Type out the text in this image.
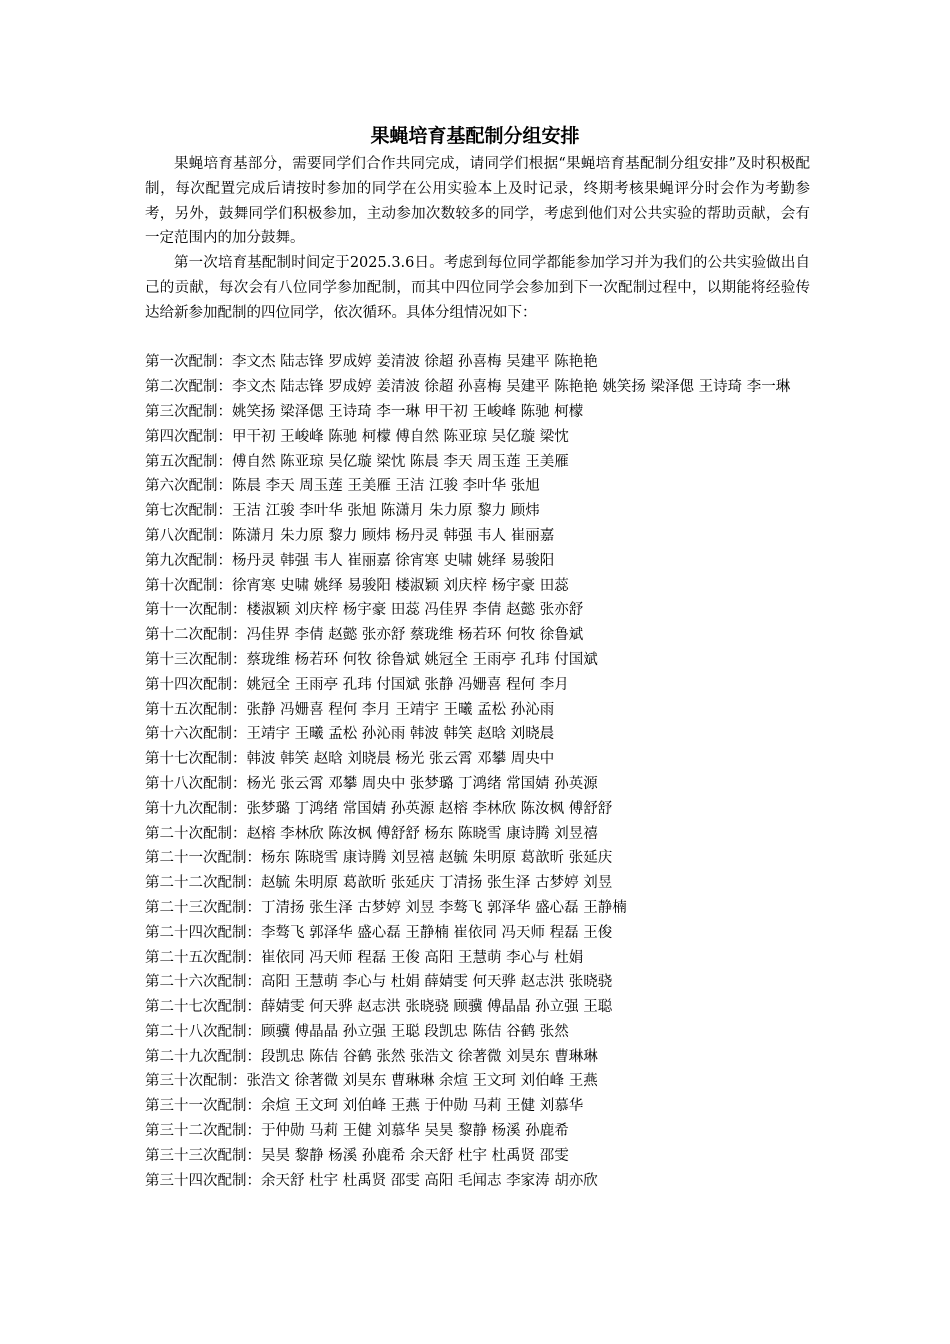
果蝇培育基配制分组安排

果蝇培育基部分，需要同学们合作共同完成，请同学们根据“果蝇培育基配制分组安排”及时积极配制，每次配置完成后请按时参加的同学在公用实验本上及时记录，终期考核果蝇评分时会作为考勤参考，另外，鼓舞同学们积极参加，主动参加次数较多的同学，考虑到他们对公共实验的帮助贡献，会有一定范围内的加分鼓舞。

第一次培育基配制时间定于2025.3.6日。考虑到每位同学都能参加学习并为我们的公共实验做出自己的贡献，每次会有八位同学参加配制，而其中四位同学会参加到下一次配制过程中，以期能将经验传达给新参加配制的四位同学，依次循环。具体分组情况如下：

第一次配制：李文杰 陆志锋 罗成婷 姜清波 徐超 孙喜梅 吴建平 陈艳艳
第二次配制：李文杰 陆志锋 罗成婷 姜清波 徐超 孙喜梅 吴建平 陈艳艳 姚笑扬 梁泽偲 王诗琦 李一琳
第三次配制：姚笑扬 梁泽偲 王诗琦 李一琳 甲干初 王峻峰 陈驰 柯檬
第四次配制：甲干初 王峻峰 陈驰 柯檬 傅自然 陈亚琼 吴亿璇 梁忱
第五次配制：傅自然 陈亚琼 吴亿璇 梁忱 陈晨 李天 周玉莲 王美雁
第六次配制：陈晨 李天 周玉莲 王美雁 王洁 江骏 李叶华 张旭
第七次配制：王洁 江骏 李叶华 张旭 陈潇月 朱力原 黎力 顾炜
第八次配制：陈潇月 朱力原 黎力 顾炜 杨丹灵 韩强 韦人 崔丽嘉
第九次配制：杨丹灵 韩强 韦人 崔丽嘉 徐宵寒 史啸 姚绎 易骏阳
第十次配制：徐宵寒 史啸 姚绎 易骏阳 楼淑颖 刘庆梓 杨宇豪 田蕊
第十一次配制：楼淑颖 刘庆梓 杨宇豪 田蕊 冯佳界 李倩 赵懿 张亦舒
第十二次配制：冯佳界 李倩 赵懿 张亦舒 蔡珑维 杨若环 何牧 徐鲁斌
第十三次配制：蔡珑维 杨若环 何牧 徐鲁斌 姚冠全 王雨亭 孔玮 付国斌
第十四次配制：姚冠全 王雨亭 孔玮 付国斌 张静 冯姗喜 程何 李月
第十五次配制：张静 冯姗喜 程何 李月 王靖宇 王曦 孟松 孙沁雨
第十六次配制：王靖宇 王曦 孟松 孙沁雨 韩波 韩笑 赵晗 刘晓晨
第十七次配制：韩波 韩笑 赵晗 刘晓晨 杨光 张云霄 邓攀 周央中
第十八次配制：杨光 张云霄 邓攀 周央中 张梦璐 丁鸿绪 常国婧 孙英源
第十九次配制：张梦璐 丁鸿绪 常国婧 孙英源 赵榕 李林欣 陈汝枫 傅舒舒
第二十次配制：赵榕 李林欣 陈汝枫 傅舒舒 杨东 陈晓雪 康诗腾 刘昱禧
第二十一次配制：杨东 陈晓雪 康诗腾 刘昱禧 赵毓 朱明原 葛歆昕 张延庆
第二十二次配制：赵毓 朱明原 葛歆昕 张延庆 丁清扬 张生泽 古梦婷 刘昱
第二十三次配制：丁清扬 张生泽 古梦婷 刘昱 李骜飞 郭泽华 盛心磊 王静楠
第二十四次配制：李骜飞 郭泽华 盛心磊 王静楠 崔依同 冯天师 程磊 王俊
第二十五次配制：崔依同 冯天师 程磊 王俊 高阳 王慧萌 李心与 杜娟
第二十六次配制：高阳 王慧萌 李心与 杜娟 薛婧雯 何天骅 赵志洪 张晓骁
第二十七次配制：薛婧雯 何天骅 赵志洪 张晓骁 顾骥 傅晶晶 孙立强 王聪
第二十八次配制：顾骥 傅晶晶 孙立强 王聪 段凯忠 陈佶 谷鹤 张然
第二十九次配制：段凯忠 陈佶 谷鹤 张然 张浩文 徐著微 刘昊东 曹琳琳
第三十次配制：张浩文 徐著微 刘昊东 曹琳琳 余煊 王文珂 刘伯峰 王燕
第三十一次配制：余煊 王文珂 刘伯峰 王燕 于仲勋 马莉 王健 刘慕华
第三十二次配制：于仲勋 马莉 王健 刘慕华 吴昊 黎静 杨溪 孙鹿希
第三十三次配制：吴昊 黎静 杨溪 孙鹿希 余天舒 杜宇 杜禹贤 邵雯
第三十四次配制：余天舒 杜宇 杜禹贤 邵雯 高阳 毛闻志 李家涛 胡亦欣
